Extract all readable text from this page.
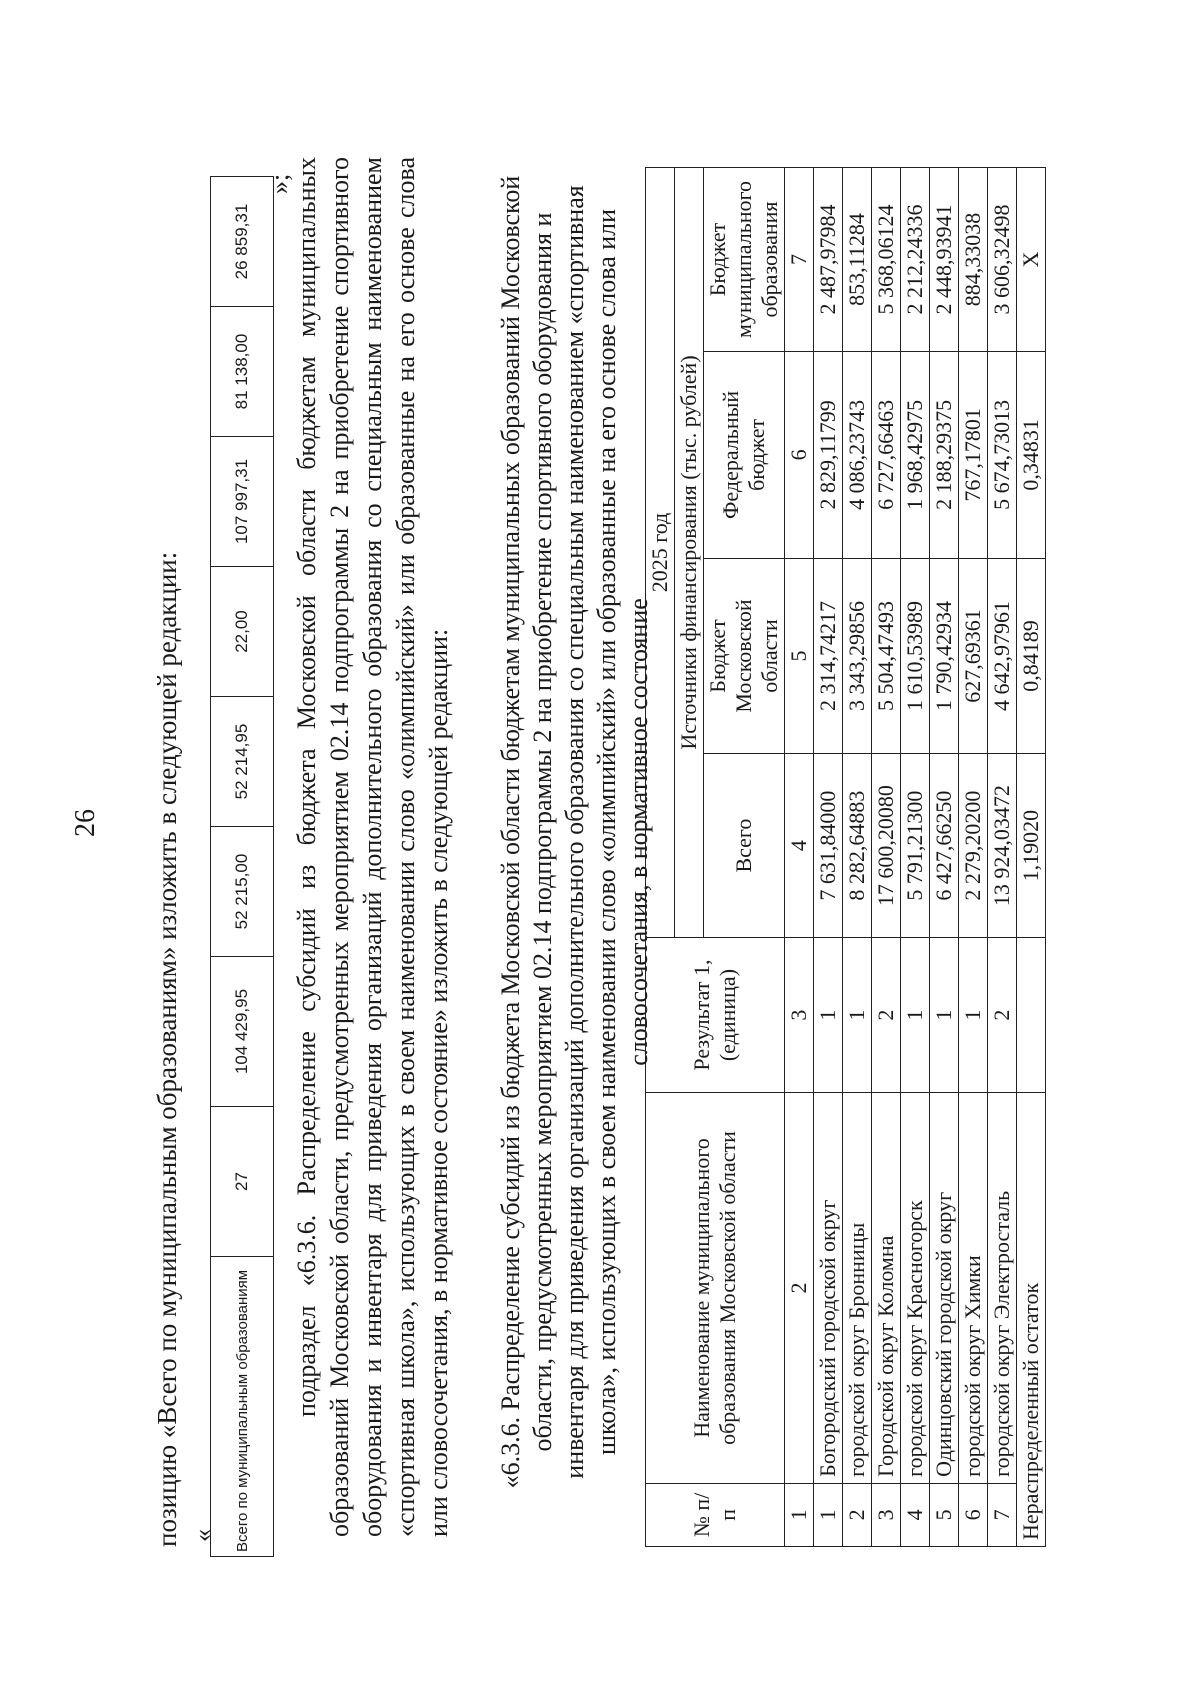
26 позицию «Всего по муниципальным образованиям» изложить в следующей редакции: « Всего по муниципальным образованиям	27	104 429,95	52 215,00	52 214,95	22,00	107 997,31	81 138,00	26 859,31
»;

подраздел «6.3.6. Распределение субсидий из бюджета Московской области бюджетам муниципальных образований Московской области, предусмотренных мероприятием 02.14 подпрограммы 2 на приобретение спортивного оборудования и инвентаря для приведения организаций дополнительного образования со специальным наименованием «спортивная школа», использующих в своем наименовании слово «олимпийский» или образованные на его основе слова или словосочетания, в нормативное состояние» изложить в следующей редакции: «6.3.6. Распределение субсидий из бюджета Московской области бюджетам муниципальных образований Московской области, предусмотренных мероприятием 02.14 подпрограммы 2 на приобретение спортивного оборудования и инвентаря для приведения организаций дополнительного образования со специальным наименованием «спортивная школа», использующих в своем наименовании слово «олимпийский» или образованные на его основе слова или словосочетания, в нормативное состояние

№ п/п	Наименование муниципального образования Московской области	Результат 1, (единица)	2025 год			
			Источники финансирования (тыс. рублей)			
			Всего	Бюджет Московской области	Федеральный бюджет	Бюджет муниципального образования
1	2	3	4	5	6	7
1	Богородский городской округ	1	7 631,84000	2 314,74217	2 829,11799	2 487,97984
2	городской округ Бронницы	1	8 282,64883	3 343,29856	4 086,23743	853,11284
3	Городской округ Коломна	2	17 600,20080	5 504,47493	6 727,66463	5 368,06124
4	городской округ Красногорск	1	5 791,21300	1 610,53989	1 968,42975	2 212,24336
5	Одинцовский городской округ	1	6 427,66250	1 790,42934	2 188,29375	2 448,93941
6	городской округ Химки	1	2 279,20200	627,69361	767,17801	884,33038
7	городской округ Электросталь	2	13 924,03472	4 642,97961	5 674,73013	3 606,32498
Нераспределенный остаток			1,19020	0,84189	0,34831	Х
